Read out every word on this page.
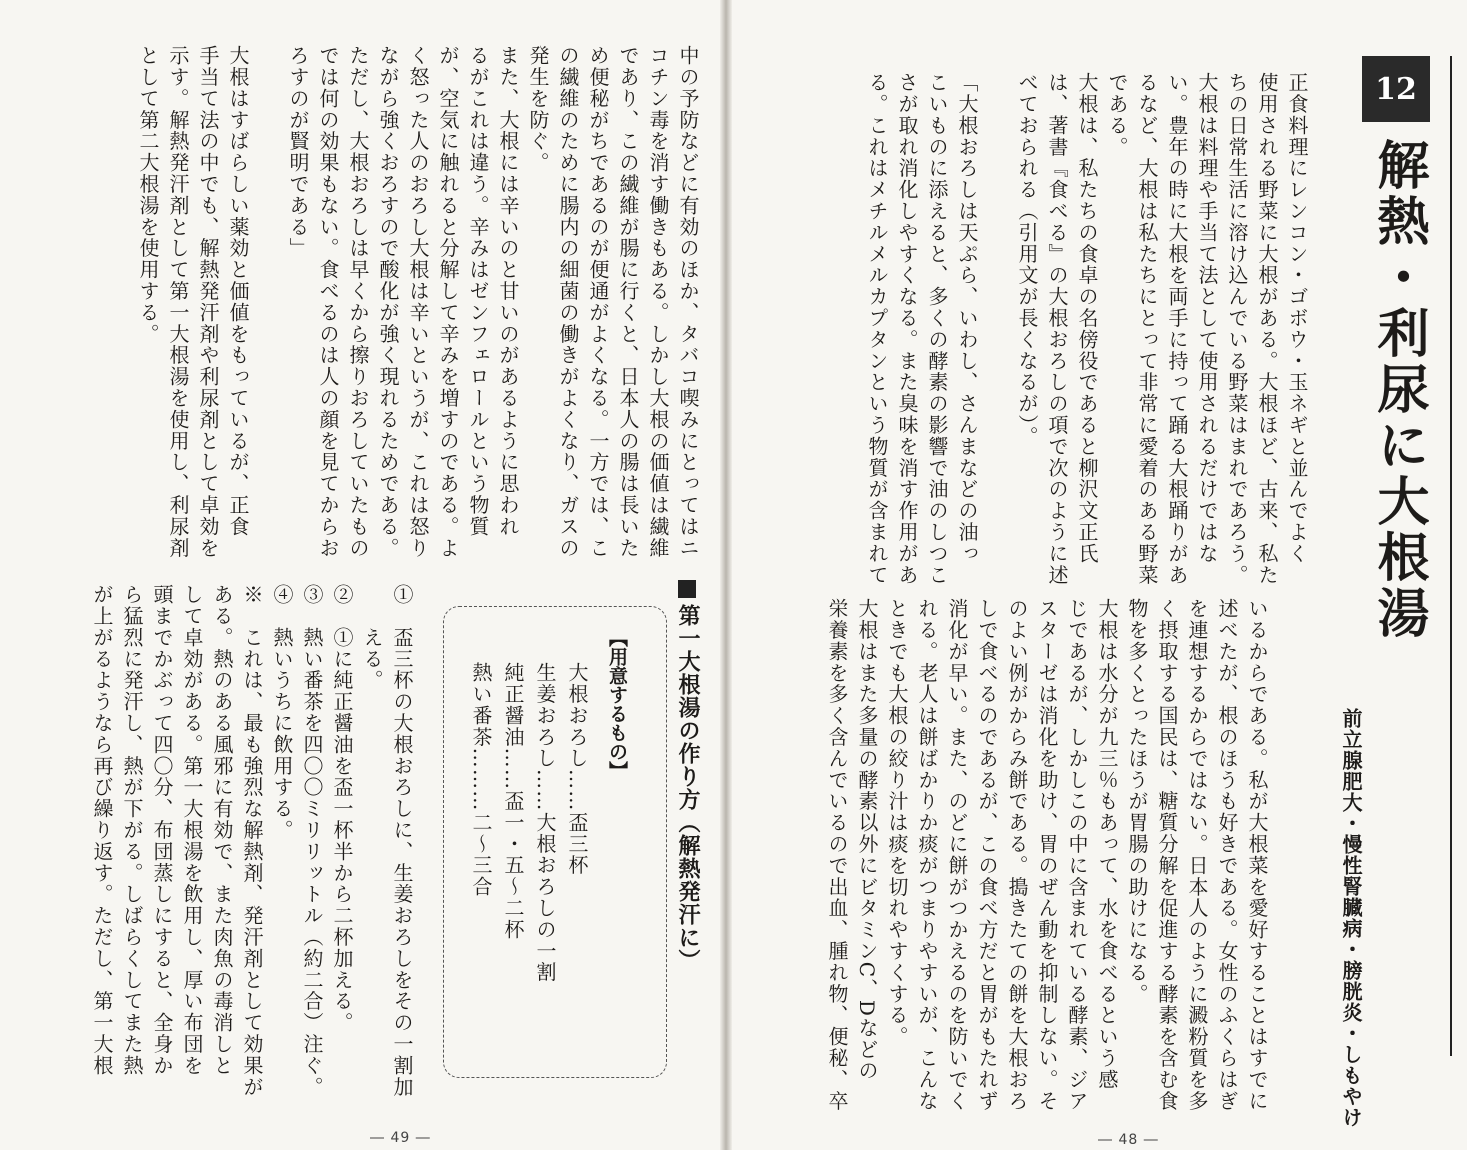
12
解熱・利尿に大根湯
前立腺肥大・慢性腎臓病・膀胱炎・しもやけ

正食料理にレンコン・ゴボウ・玉ネギと並んでよく

使用される野菜に大根がある。大根ほど、古来、私た

ちの日常生活に溶け込んでいる野菜はまれであろう。

大根は料理や手当て法として使用されるだけではな

い。豊年の時に大根を両手に持って踊る大根踊りがあ

るなど、大根は私たちにとって非常に愛着のある野菜

である。

大根は、私たちの食卓の名傍役であると柳沢文正氏

は、著書『食べる』の大根おろしの項で次のように述

べておられる（引用文が長くなるが）。

「大根おろしは天ぷら、いわし、さんまなどの油っ

こいものに添えると、多くの酵素の影響で油のしつこ

さが取れ消化しやすくなる。また臭味を消す作用があ

る。これはメチルメルカプタンという物質が含まれて

いるからである。私が大根菜を愛好することはすでに

述べたが、根のほうも好きである。女性のふくらはぎ

を連想するからではない。日本人のように澱粉質を多

く摂取する国民は、糖質分解を促進する酵素を含む食

物を多くとったほうが胃腸の助けになる。

大根は水分が九三％もあって、水を食べるという感

じであるが、しかしこの中に含まれている酵素、ジア

スターゼは消化を助け、胃のぜん動を抑制しない。そ

のよい例がからみ餅である。搗きたての餅を大根おろ

しで食べるのであるが、この食べ方だと胃がもたれず

消化が早い。また、のどに餅がつかえるのを防いでく

れる。老人は餅ばかりか痰がつまりやすいが、こんな

ときでも大根の絞り汁は痰を切れやすくする。

大根はまた多量の酵素以外にビタミンC、Dなどの

栄養素を多く含んでいるので出血、腫れ物、便秘、卒

― 48 ―

中の予防などに有効のほか、タバコ喫みにとってはニ

コチン毒を消す働きもある。しかし大根の価値は繊維

であり、この繊維が腸に行くと、日本人の腸は長いた

め便秘がちであるのが便通がよくなる。一方では、こ

の繊維のために腸内の細菌の働きがよくなり、ガスの

発生を防ぐ。

また、大根には辛いのと甘いのがあるように思われ

るがこれは違う。辛みはゼンフェロールという物質

が、空気に触れると分解して辛みを増すのである。よ

く怒った人のおろし大根は辛いというが、これは怒り

ながら強くおろすので酸化が強く現れるためである。

ただし、大根おろしは早くから擦りおろしていたもの

では何の効果もない。食べるのは人の顔を見てからお

ろすのが賢明である」

大根はすばらしい薬効と価値をもっているが、正食

手当て法の中でも、解熱発汗剤や利尿剤として卓効を

示す。解熱発汗剤として第一大根湯を使用し、利尿剤

として第二大根湯を使用する。

第一大根湯の作り方（解熱発汗に）
【用意するもの】
大根おろし……盃三杯
生姜おろし……大根おろしの一割
純正醤油……盃一・五〜二杯
熱い番茶………二〜三合

①　盃三杯の大根おろしに、生姜おろしをその一割加

　　える。

②　①に純正醤油を盃一杯半から二杯加える。

③　熱い番茶を四〇〇ミリリットル（約二合）注ぐ。

④　熱いうちに飲用する。

※　これは、最も強烈な解熱剤、発汗剤として効果が

ある。熱のある風邪に有効で、また肉魚の毒消しと

して卓効がある。第一大根湯を飲用し、厚い布団を

頭までかぶって四〇分、布団蒸しにすると、全身か

ら猛烈に発汗し、熱が下がる。しばらくしてまた熱

が上がるようなら再び繰り返す。ただし、第一大根

― 49 ―
